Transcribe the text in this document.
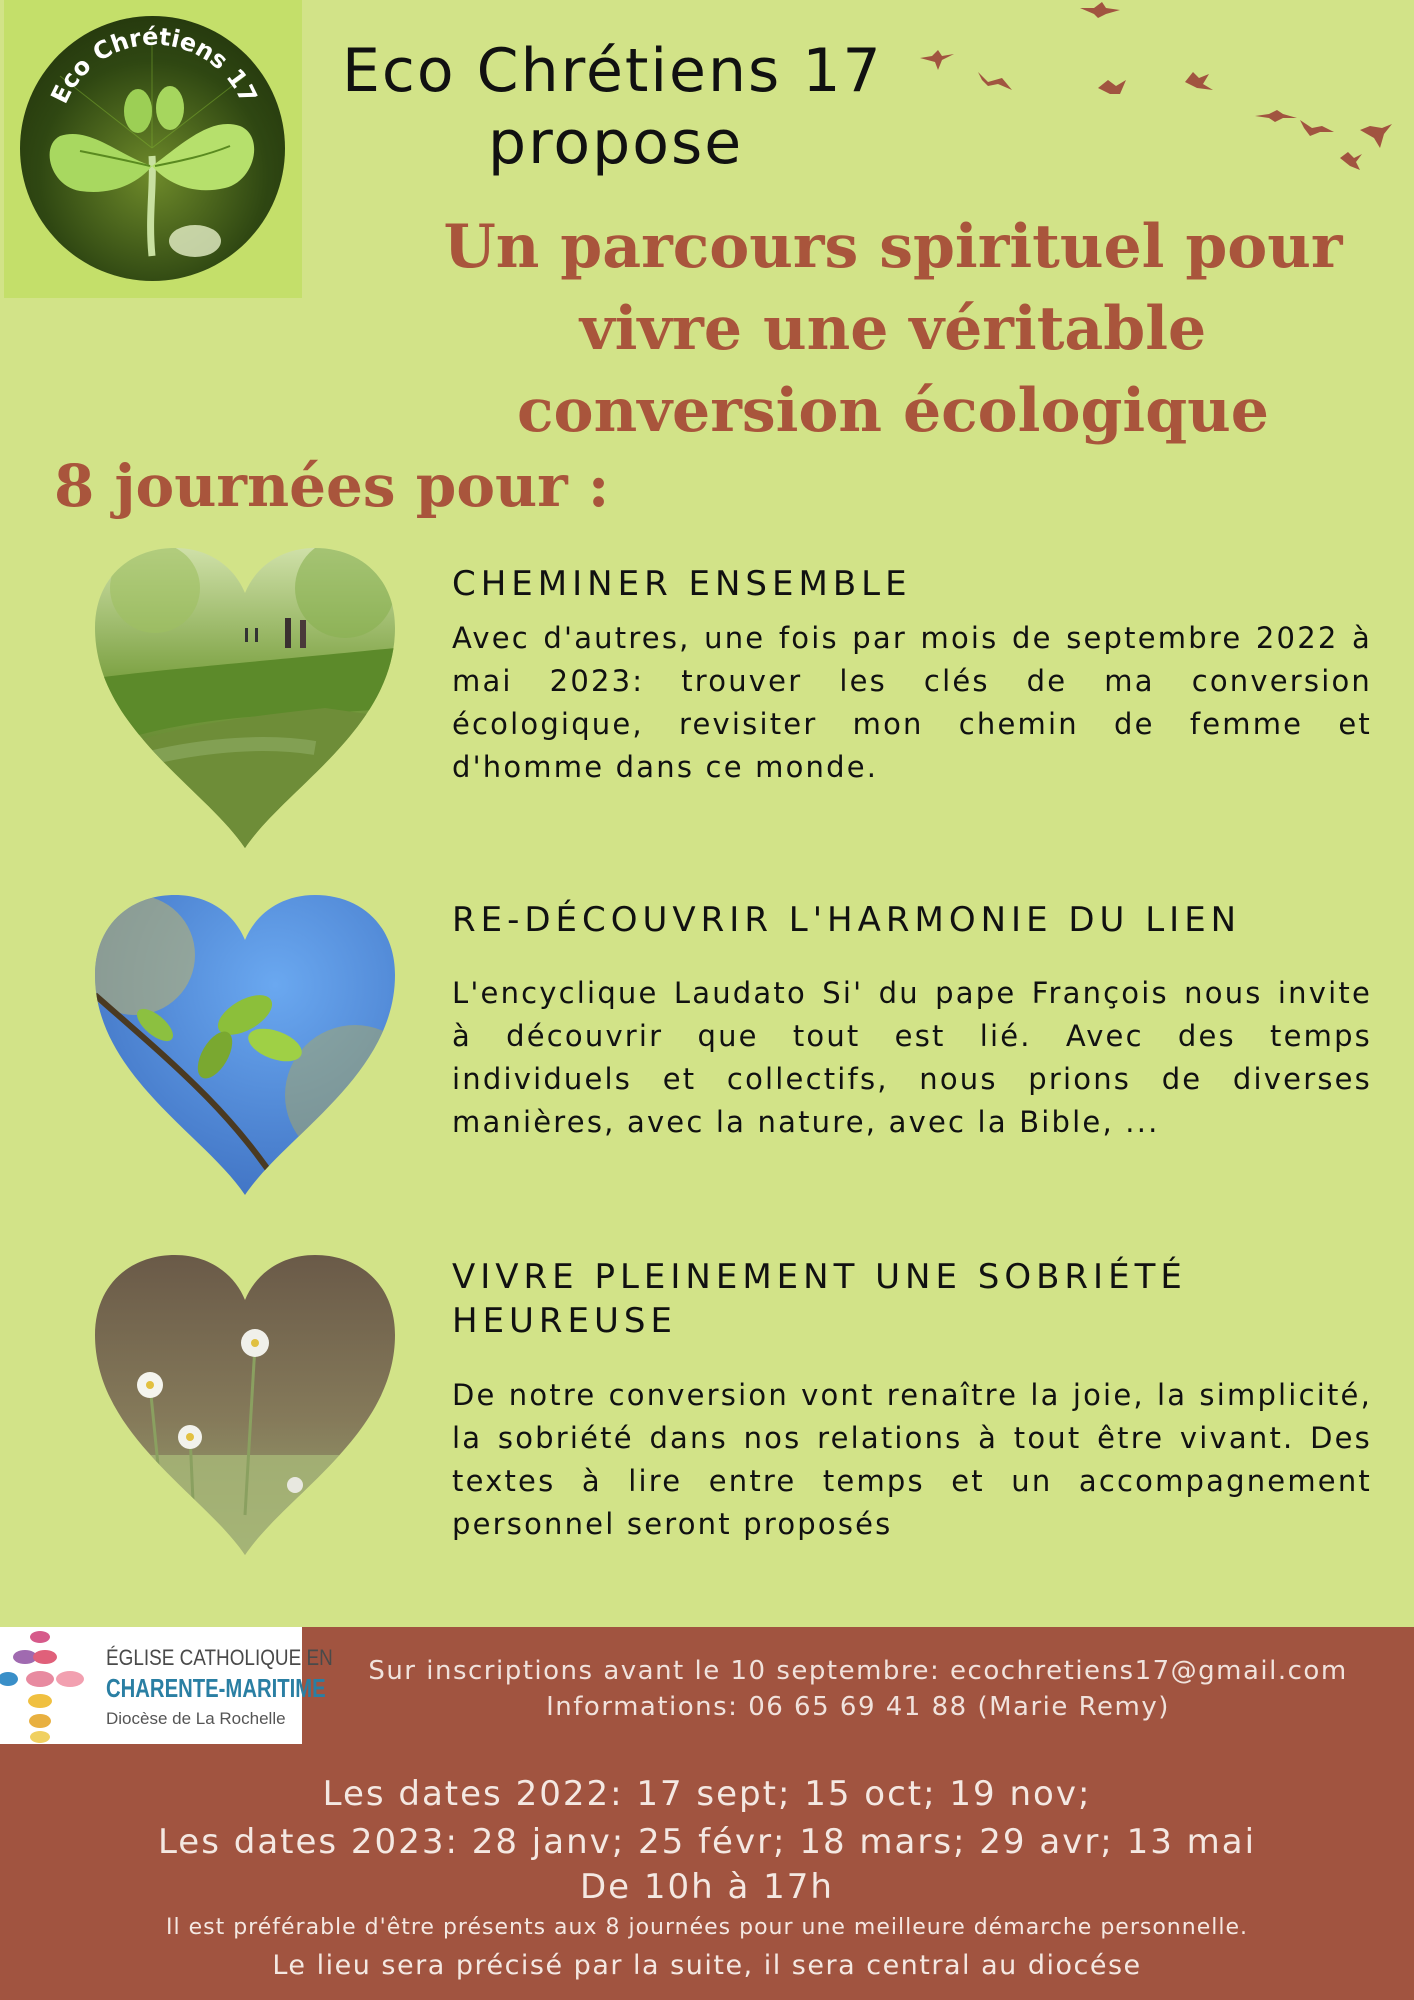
Eco Chrétiens 17 Eco Chrétiens 17
propose
Un parcours spirituel pour
vivre une véritable
conversion écologique
8 journées pour :
CHEMINER ENSEMBLE
Avec d'autres, une fois par mois de septembre 2022 à mai 2023: trouver les clés de ma conversion écologique, revisiter mon chemin de femme et d'homme dans ce monde.
RE-DÉCOUVRIR L'HARMONIE DU LIEN
L'encyclique Laudato Si' du pape François nous invite à découvrir que tout est lié. Avec des temps individuels et collectifs, nous prions de diverses manières, avec la nature, avec la Bible, ...
VIVRE PLEINEMENT UNE SOBRIÉTÉ HEUREUSE
De notre conversion vont renaître la joie, la simplicité, la sobriété dans nos relations à tout être vivant. Des textes à lire entre temps et un accompagnement personnel seront proposés
ÉGLISE CATHOLIQUE EN
CHARENTE-MARITIME
Diocèse de La Rochelle
Sur inscriptions avant le 10 septembre: ecochretiens17@gmail.com
Informations: 06 65 69 41 88 (Marie Remy)
Les dates 2022: 17 sept; 15 oct; 19 nov;
Les dates 2023: 28 janv; 25 févr; 18 mars; 29 avr; 13 mai
De 10h à 17h
Il est préférable d'être présents aux 8 journées pour une meilleure démarche personnelle.
Le lieu sera précisé par la suite, il sera central au diocése
